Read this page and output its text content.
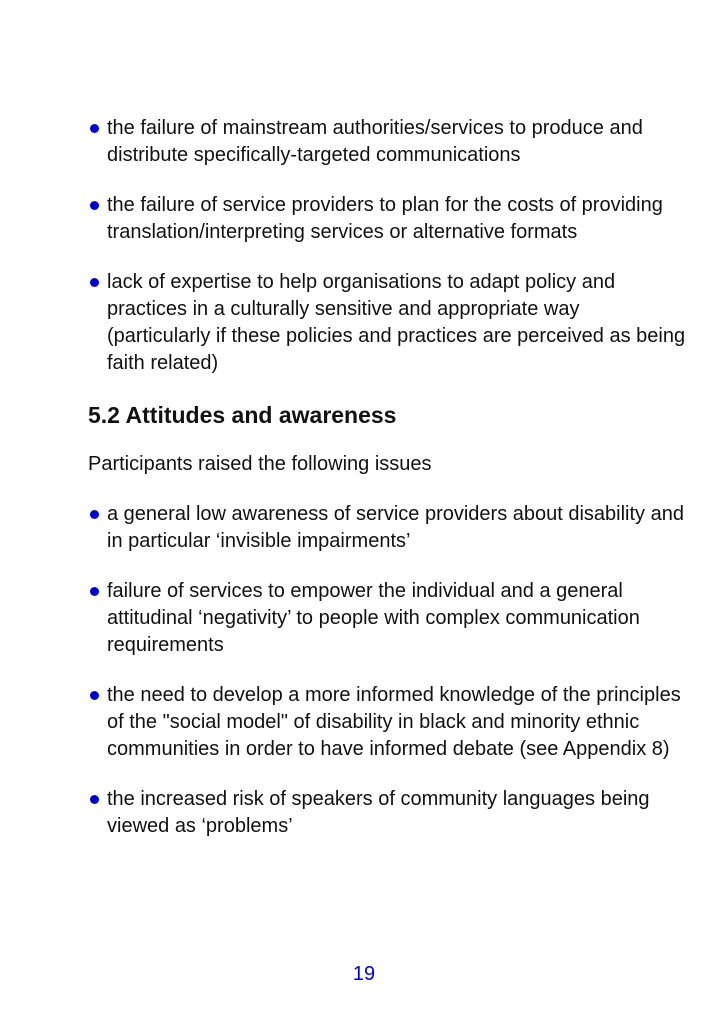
the failure of mainstream authorities/services to produce and distribute specifically-targeted communications
the failure of service providers to plan for the costs of providing translation/interpreting services or alternative formats
lack of expertise to help organisations to adapt policy and practices in a culturally sensitive and appropriate way (particularly if these policies and practices are perceived as being faith related)
5.2 Attitudes and awareness

Participants raised the following issues

a general low awareness of service providers about disability and in particular ‘invisible impairments’
failure of services to empower the individual and a general attitudinal ‘negativity’ to people with complex communication requirements
the need to develop a more informed knowledge of the principles of the "social model" of disability in black and minority ethnic communities in order to have informed debate (see Appendix 8)
the increased risk of speakers of community languages being viewed as ‘problems’
19
